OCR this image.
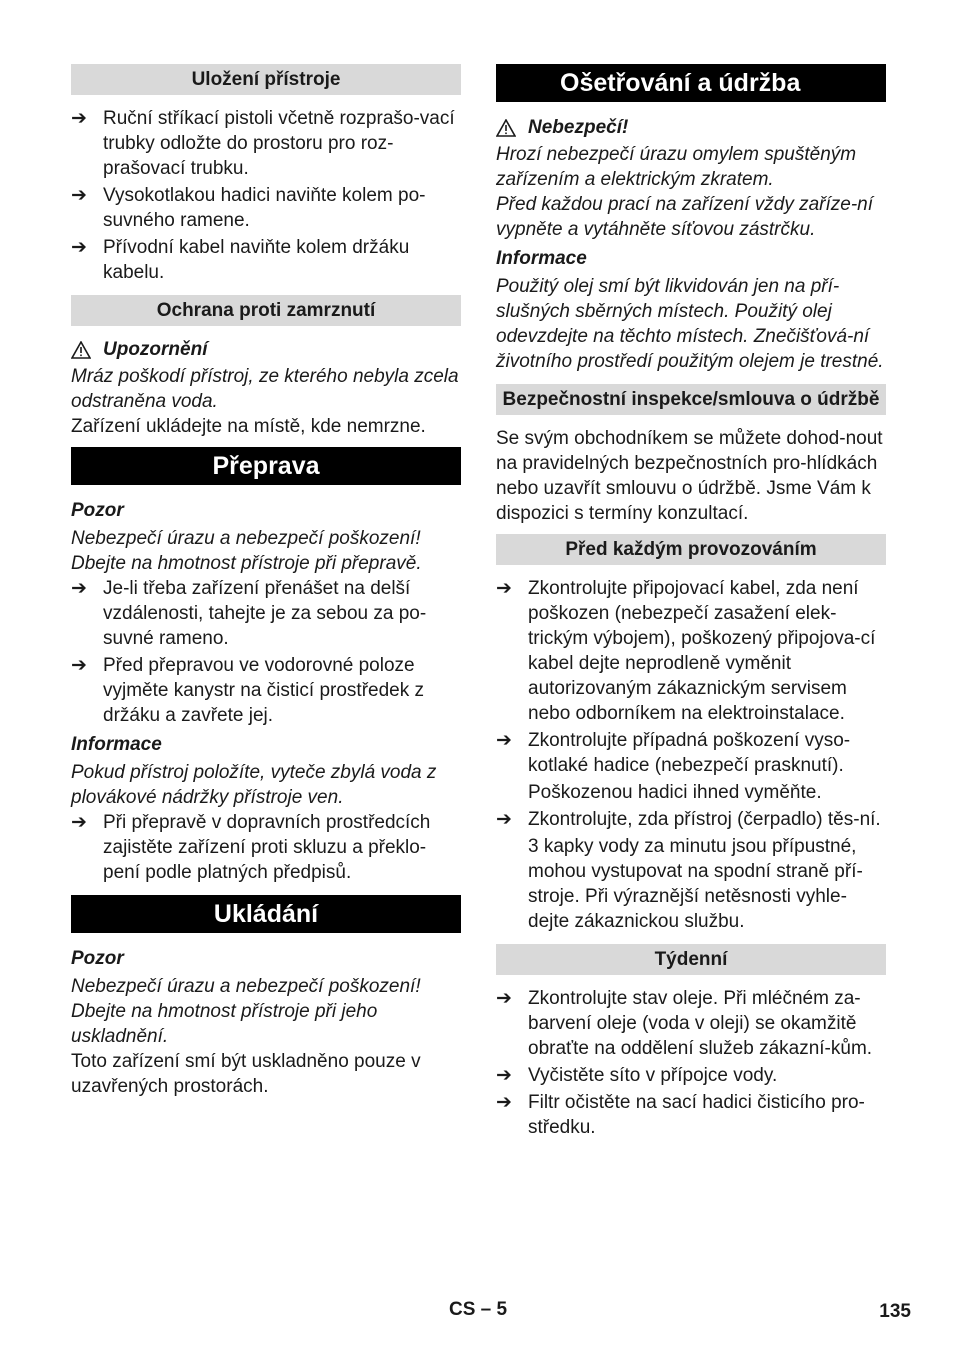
Uložení přístroje
➔ Ruční stříkací pistoli včetně rozprašo-vací trubky odložte do prostoru pro roz-prašovací trubku.
➔ Vysokotlakou hadici naviňte kolem po-suvného ramene.
➔ Přívodní kabel naviňte kolem držáku kabelu.
Ochrana proti zamrznutí
Upozornění

Mráz poškodí přístroj, ze kterého nebyla zcela odstraněna voda.

Zařízení ukládejte na místě, kde nemrzne.

Přeprava
Pozor

Nebezpečí úrazu a nebezpečí poškození! Dbejte na hmotnost přístroje při přepravě.

➔ Je-li třeba zařízení přenášet na delší vzdálenosti, tahejte je za sebou za po-suvné rameno.
➔ Před přepravou ve vodorovné poloze vyjměte kanystr na čisticí prostředek z držáku a zavřete jej.
Informace

Pokud přístroj položíte, vyteče zbylá voda z plovákové nádržky přístroje ven.

➔ Při přepravě v dopravních prostředcích zajistěte zařízení proti skluzu a překlo-pení podle platných předpisů.
Ukládání
Pozor

Nebezpečí úrazu a nebezpečí poškození! Dbejte na hmotnost přístroje při jeho uskladnění.

Toto zařízení smí být uskladněno pouze v uzavřených prostorách.

Ošetřování a údržba
Nebezpečí!

Hrozí nebezpečí úrazu omylem spuštěným zařízením a elektrickým zkratem.

Před každou prací na zařízení vždy zaříze-ní vypněte a vytáhněte síťovou zástrčku.

Informace

Použitý olej smí být likvidován jen na pří-slušných sběrných místech. Použitý olej odevzdejte na těchto místech. Znečišťová-ní životního prostředí použitým olejem je trestné.

Bezpečnostní inspekce/smlouva o údržbě

Se svým obchodníkem se můžete dohod-nout na pravidelných bezpečnostních pro-hlídkách nebo uzavřít smlouvu o údržbě. Jsme Vám k dispozici s termíny konzultací.

Před každým provozováním
➔ Zkontrolujte připojovací kabel, zda není poškozen (nebezpečí zasažení elek-trickým výbojem), poškozený připojova-cí kabel dejte neprodleně vyměnit autorizovaným zákaznickým servisem nebo odborníkem na elektroinstalace.
➔ Zkontrolujte případná poškození vyso-kotlaké hadice (nebezpečí prasknutí).

Poškozenou hadici ihned vyměňte.

➔ Zkontrolujte, zda přístroj (čerpadlo) těs-ní.

3 kapky vody za minutu jsou přípustné, mohou vystupovat na spodní straně pří-stroje. Při výraznější netěsnosti vyhle-dejte zákaznickou službu.

Týdenní
➔ Zkontrolujte stav oleje. Při mléčném za-barvení oleje (voda v oleji) se okamžitě obraťte na oddělení služeb zákazní-kům.
➔ Vyčistěte síto v přípojce vody.
➔ Filtr očistěte na sací hadici čisticího pro-středku.
CS – 5	135
